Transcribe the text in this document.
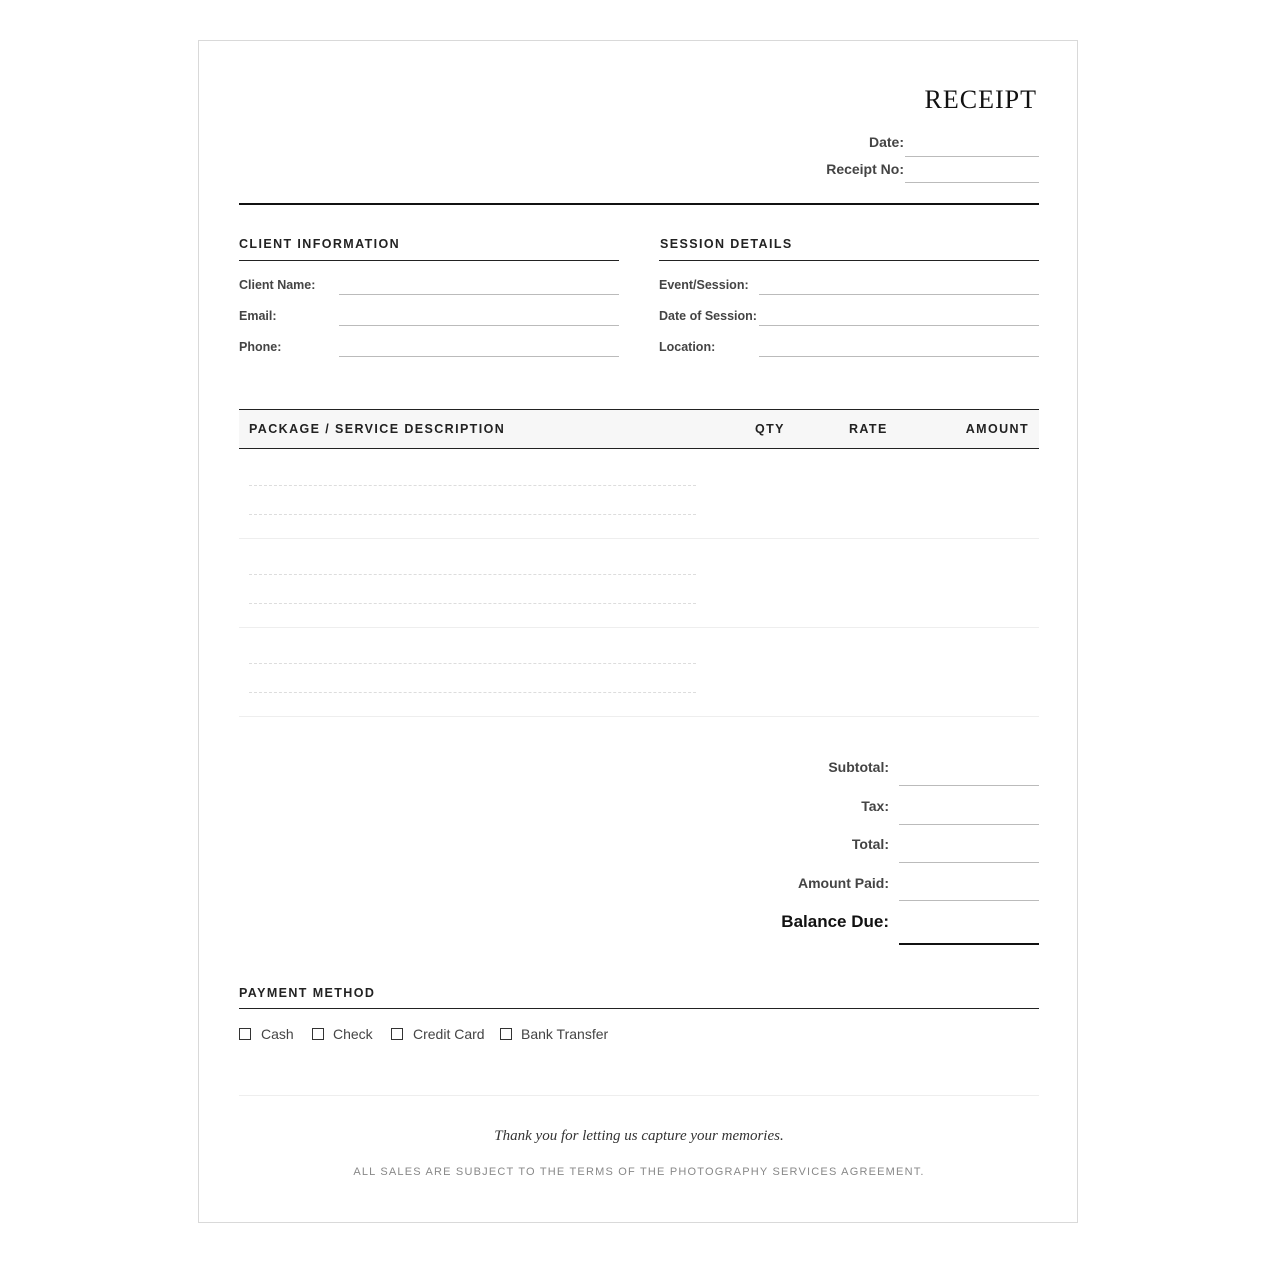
RECEIPT
Date:
Receipt No:
CLIENT INFORMATION
Client Name:
Email:
Phone:
SESSION DETAILS
Event/Session:
Date of Session:
Location:
PACKAGE / SERVICE DESCRIPTION	QTY	RATE	AMOUNT
Subtotal:
Tax:
Total:
Amount Paid:
Balance Due:
PAYMENT METHOD
Cash	Check	Credit Card	Bank Transfer
Thank you for letting us capture your memories.
ALL SALES ARE SUBJECT TO THE TERMS OF THE PHOTOGRAPHY SERVICES AGREEMENT.
